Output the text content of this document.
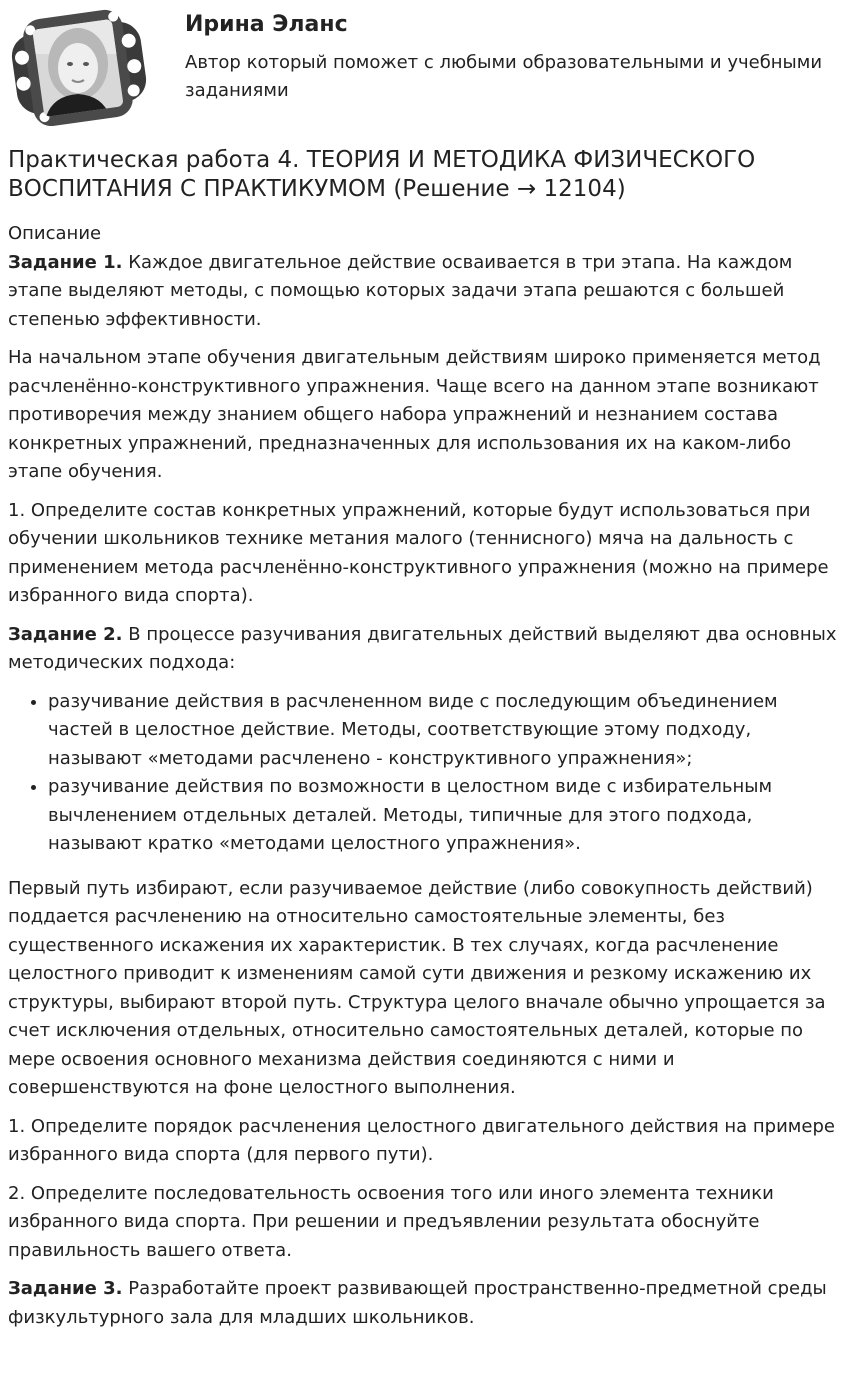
Ирина Эланс

Автор который поможет с любыми образовательными и учебными заданиями

Практическая работа 4. ТЕОРИЯ И МЕТОДИКА ФИЗИЧЕСКОГО ВОСПИТАНИЯ С ПРАКТИКУМОМ (Решение → 12104)
Описание

Задание 1. Каждое двигательное действие осваивается в три этапа. На каждом этапе выделяют методы, с помощью которых задачи этапа решаются с большей степенью эффективности.

На начальном этапе обучения двигательным действиям широко применяется метод расчленённо-конструктивного упражнения. Чаще всего на данном этапе возникают противоречия между знанием общего набора упражнений и незнанием состава конкретных упражнений, предназначенных для использования их на каком-либо этапе обучения.

1. Определите состав конкретных упражнений, которые будут использоваться при обучении школьников технике метания малого (теннисного) мяча на дальность с применением метода расчленённо-конструктивного упражнения (можно на примере избранного вида спорта).

Задание 2. В процессе разучивания двигательных действий выделяют два основных методических подхода:

• разучивание действия в расчлененном виде с последующим объединением частей в целостное действие. Методы, соответствующие этому подходу, называют «методами расчленено - конструктивного упражнения»;
• разучивание действия по возможности в целостном виде с избирательным вычленением отдельных деталей. Методы, типичные для этого подхода, называют кратко «методами целостного упражнения».

Первый путь избирают, если разучиваемое действие (либо совокупность действий) поддается расчленению на относительно самостоятельные элементы, без существенного искажения их характеристик. В тех случаях, когда расчленение целостного приводит к изменениям самой сути движения и резкому искажению их структуры, выбирают второй путь. Структура целого вначале обычно упрощается за счет исключения отдельных, относительно самостоятельных деталей, которые по мере освоения основного механизма действия соединяются с ними и совершенствуются на фоне целостного выполнения.

1. Определите порядок расчленения целостного двигательного действия на примере избранного вида спорта (для первого пути).

2. Определите последовательность освоения того или иного элемента техники избранного вида спорта. При решении и предъявлении результата обоснуйте правильность вашего ответа.

Задание 3. Разработайте проект развивающей пространственно-предметной среды физкультурного зала для младших школьников.
